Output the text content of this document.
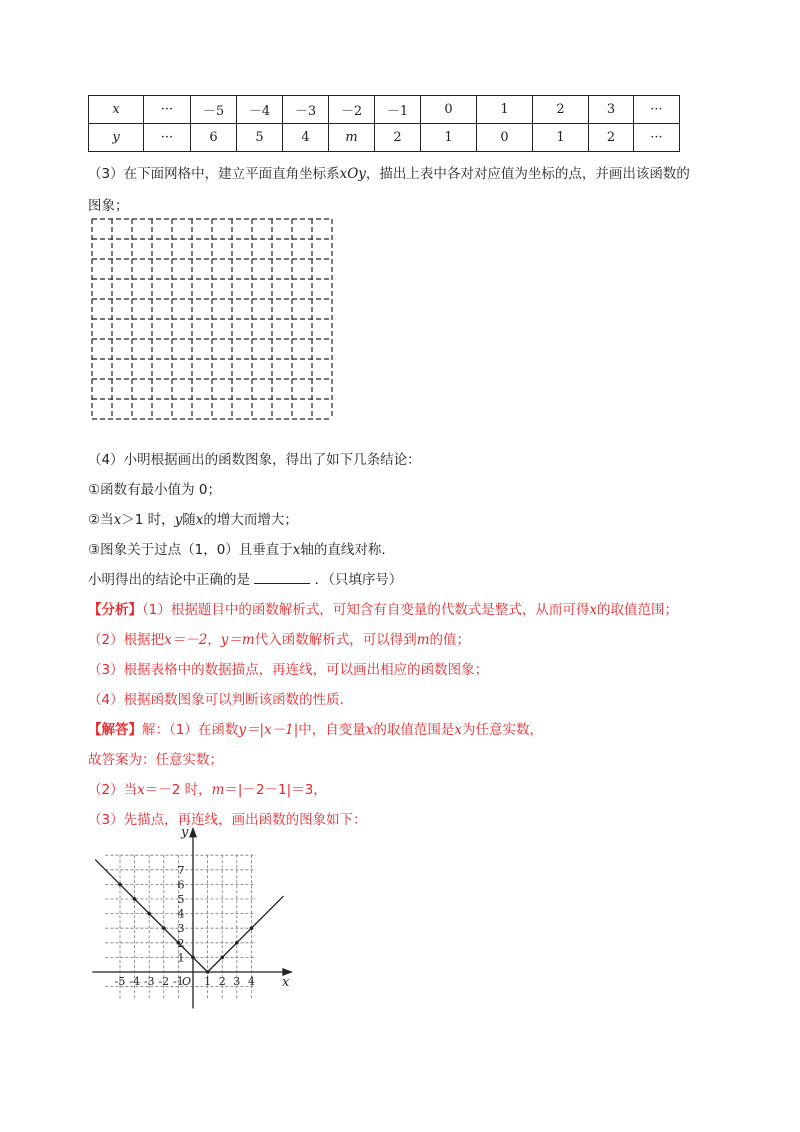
x	···	－5	－4	－3	－2	－1	0	1	2	3	···
y	···	6	5	4	m	2	1	0	1	2	···
（3）在下面网格中，建立平面直角坐标系xOy，描出上表中各对对应值为坐标的点，并画出该函数的
图象；
（4）小明根据画出的函数图象，得出了如下几条结论：
①函数有最小值为 0；
②当x＞1 时，y随x的增大而增大；
③图象关于过点（1，0）且垂直于x轴的直线对称.
小明得出的结论中正确的是	．（只填序号）
【分析】（1）根据题目中的函数解析式，可知含有自变量的代数式是整式，从而可得x的取值范围；
（2）根据把x＝－2，y＝m代入函数解析式，可以得到m的值；
（3）根据表格中的数据描点，再连线，可以画出相应的函数图象；
（4）根据函数图象可以判断该函数的性质.
【解答】解：（1）在函数y＝|x－1|中，自变量x的取值范围是x为任意实数，
故答案为：任意实数；
（2）当x＝－2 时，m＝|－2－1|＝3，
（3）先描点，再连线，画出函数的图象如下：
-5 -4 -3 -2 -1 1 2 3 4
1
2
3
4
5
6
7
O	x
y
